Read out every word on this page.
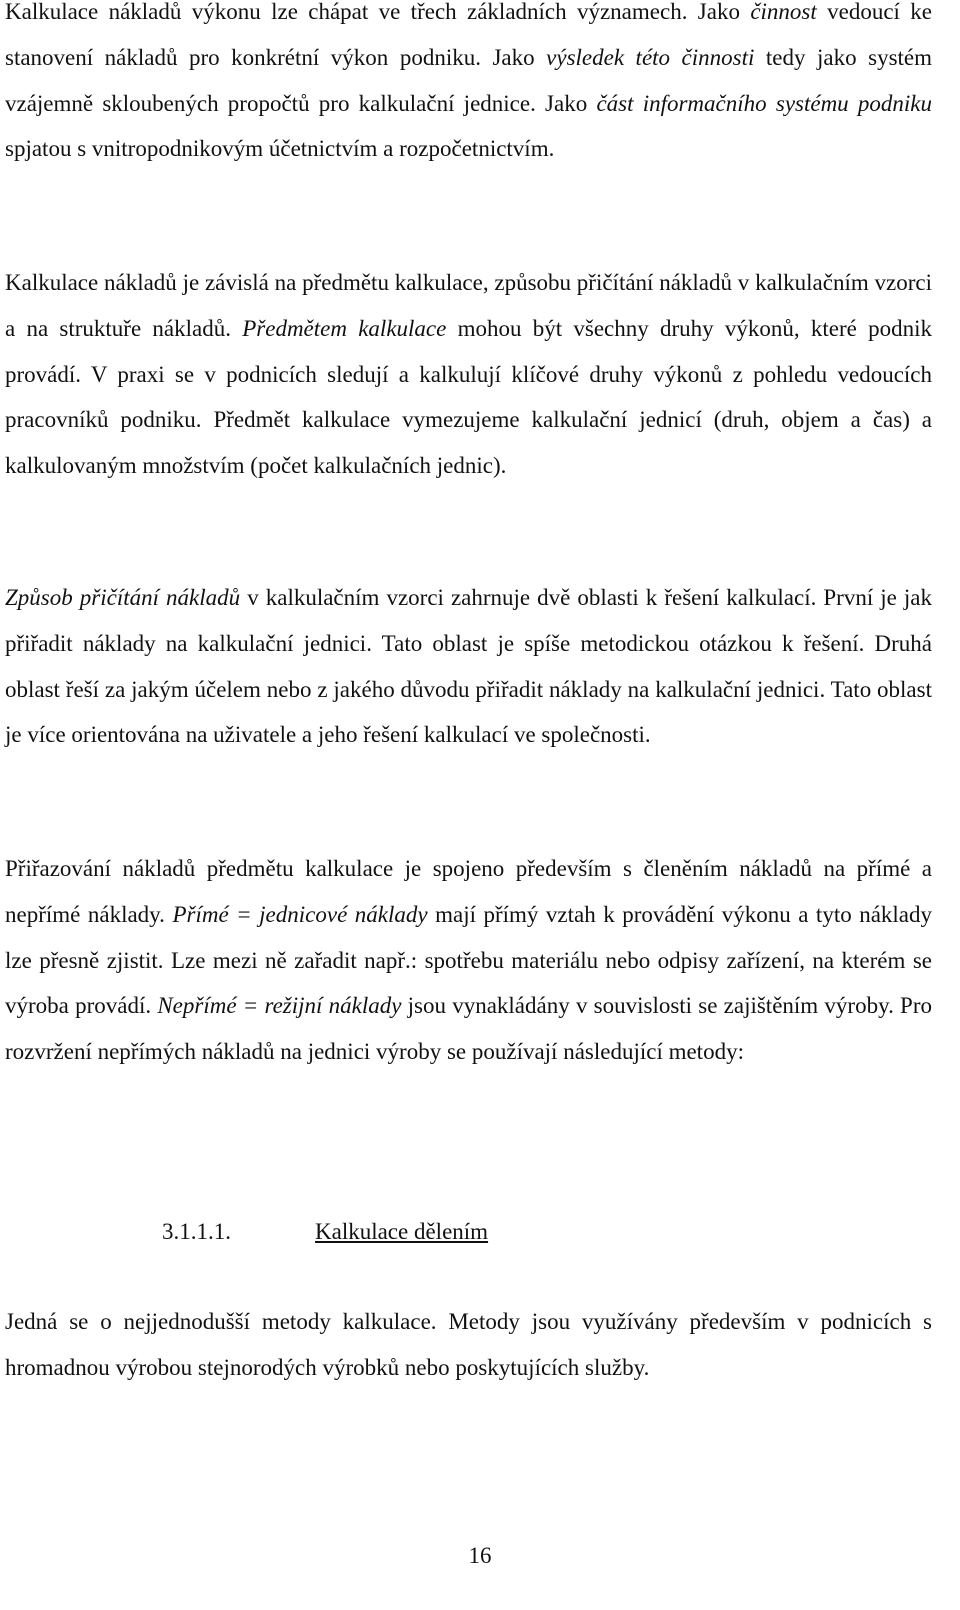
Kalkulace nákladů výkonu lze chápat ve třech základních významech. Jako činnost vedoucí ke stanovení nákladů pro konkrétní výkon podniku. Jako výsledek této činnosti tedy jako systém vzájemně skloubených propočtů pro kalkulační jednice. Jako část informačního systému podniku spjatou s vnitropodnikovým účetnictvím a rozpočetnictvím.

Kalkulace nákladů je závislá na předmětu kalkulace, způsobu přičítání nákladů v kalkulačním vzorci a na struktuře nákladů. Předmětem kalkulace mohou být všechny druhy výkonů, které podnik provádí. V praxi se v podnicích sledují a kalkulují klíčové druhy výkonů z pohledu vedoucích pracovníků podniku. Předmět kalkulace vymezujeme kalkulační jednicí (druh, objem a čas) a kalkulovaným množstvím (počet kalkulačních jednic).

Způsob přičítání nákladů v kalkulačním vzorci zahrnuje dvě oblasti k řešení kalkulací. První je jak přiřadit náklady na kalkulační jednici. Tato oblast je spíše metodickou otázkou k řešení. Druhá oblast řeší za jakým účelem nebo z jakého důvodu přiřadit náklady na kalkulační jednici. Tato oblast je více orientována na uživatele a jeho řešení kalkulací ve společnosti.

Přiřazování nákladů předmětu kalkulace je spojeno především s členěním nákladů na přímé a nepřímé náklady. Přímé = jednicové náklady mají přímý vztah k provádění výkonu a tyto náklady lze přesně zjistit. Lze mezi ně zařadit např.: spotřebu materiálu nebo odpisy zařízení, na kterém se výroba provádí. Nepřímé = režijní náklady jsou vynakládány v souvislosti se zajištěním výroby. Pro rozvržení nepřímých nákladů na jednici výroby se používají následující metody:

3.1.1.1.	Kalkulace dělením

Jedná se o nejjednodušší metody kalkulace. Metody jsou využívány především v podnicích s hromadnou výrobou stejnorodých výrobků nebo poskytujících služby.

16
